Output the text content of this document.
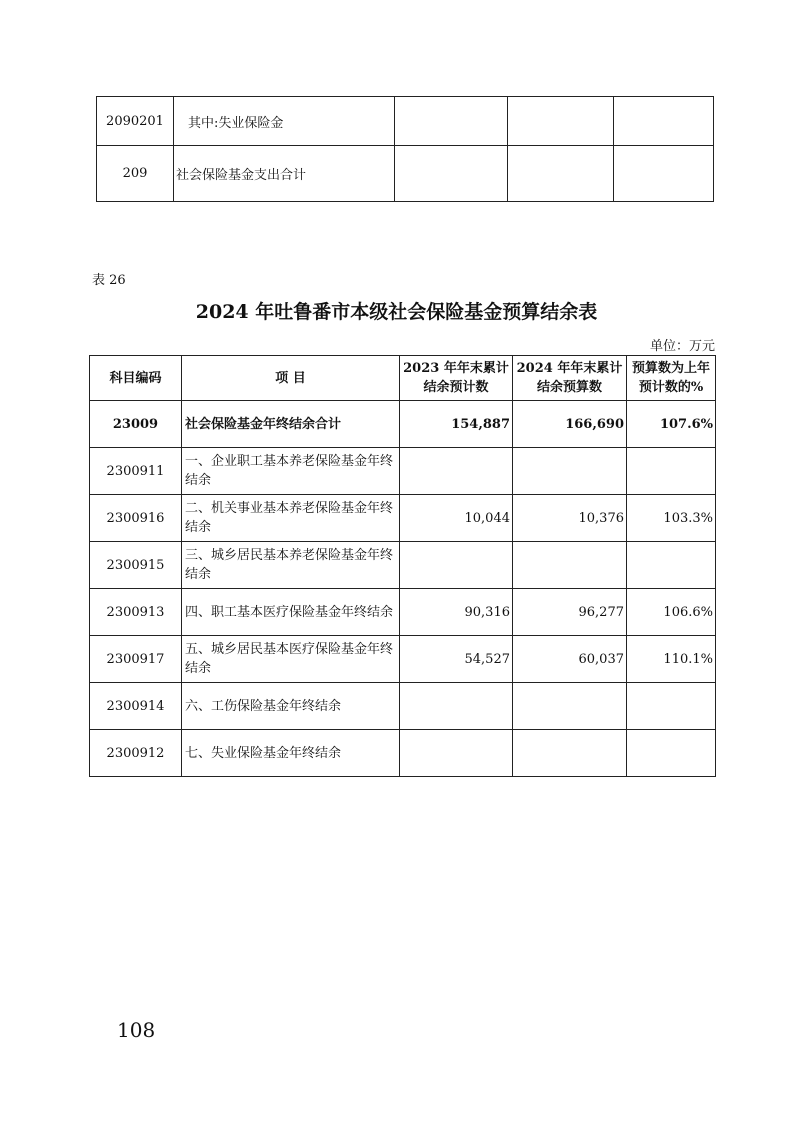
2090201	其中:失业保险金			
209	社会保险基金支出合计			
表 26
2024 年吐鲁番市本级社会保险基金预算结余表
单位：万元
科目编码	项 目	2023 年年末累计结余预计数	2024 年年末累计结余预算数	预算数为上年预计数的%
23009	社会保险基金年终结余合计	154,887	166,690	107.6%
2300911	一、企业职工基本养老保险基金年终结余			
2300916	二、机关事业基本养老保险基金年终结余	10,044	10,376	103.3%
2300915	三、城乡居民基本养老保险基金年终结余			
2300913	四、职工基本医疗保险基金年终结余	90,316	96,277	106.6%
2300917	五、城乡居民基本医疗保险基金年终结余	54,527	60,037	110.1%
2300914	六、工伤保险基金年终结余			
2300912	七、失业保险基金年终结余			
108
